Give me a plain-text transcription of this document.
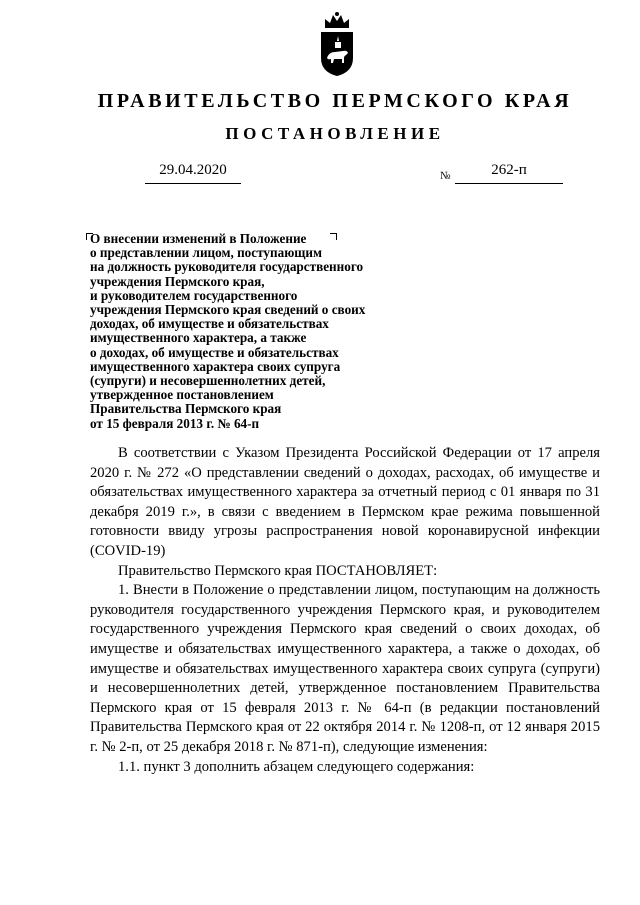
ПРАВИТЕЛЬСТВО ПЕРМСКОГО КРАЯ
ПОСТАНОВЛЕНИЕ
29.04.2020	№	262-п
О внесении изменений в Положение
о представлении лицом, поступающим
на должность руководителя государственного
учреждения Пермского края,
и руководителем государственного
учреждения Пермского края сведений о своих
доходах, об имуществе и обязательствах
имущественного характера, а также
о доходах, об имуществе и обязательствах
имущественного характера своих супруга
(супруги) и несовершеннолетних детей,
утвержденное постановлением
Правительства Пермского края
от 15 февраля 2013 г. № 64-п

В соответствии с Указом Президента Российской Федерации от 17 апреля 2020 г. № 272 «О представлении сведений о доходах, расходах, об имуществе и обязательствах имущественного характера за отчетный период с 01 января по 31 декабря 2019 г.», в связи с введением в Пермском крае режима повышенной готовности ввиду угрозы распространения новой коронавирусной инфекции (COVID-19)

Правительство Пермского края ПОСТАНОВЛЯЕТ:

1. Внести в Положение о представлении лицом, поступающим на должность руководителя государственного учреждения Пермского края, и руководителем государственного учреждения Пермского края сведений о своих доходах, об имуществе и обязательствах имущественного характера, а также о доходах, об имуществе и обязательствах имущественного характера своих супруга (супруги) и несовершеннолетних детей, утвержденное постановлением Правительства Пермского края от 15 февраля 2013 г. № 64-п (в редакции постановлений Правительства Пермского края от 22 октября 2014 г. № 1208-п, от 12 января 2015 г. № 2-п, от 25 декабря 2018 г. № 871-п), следующие изменения:

1.1. пункт 3 дополнить абзацем следующего содержания:
